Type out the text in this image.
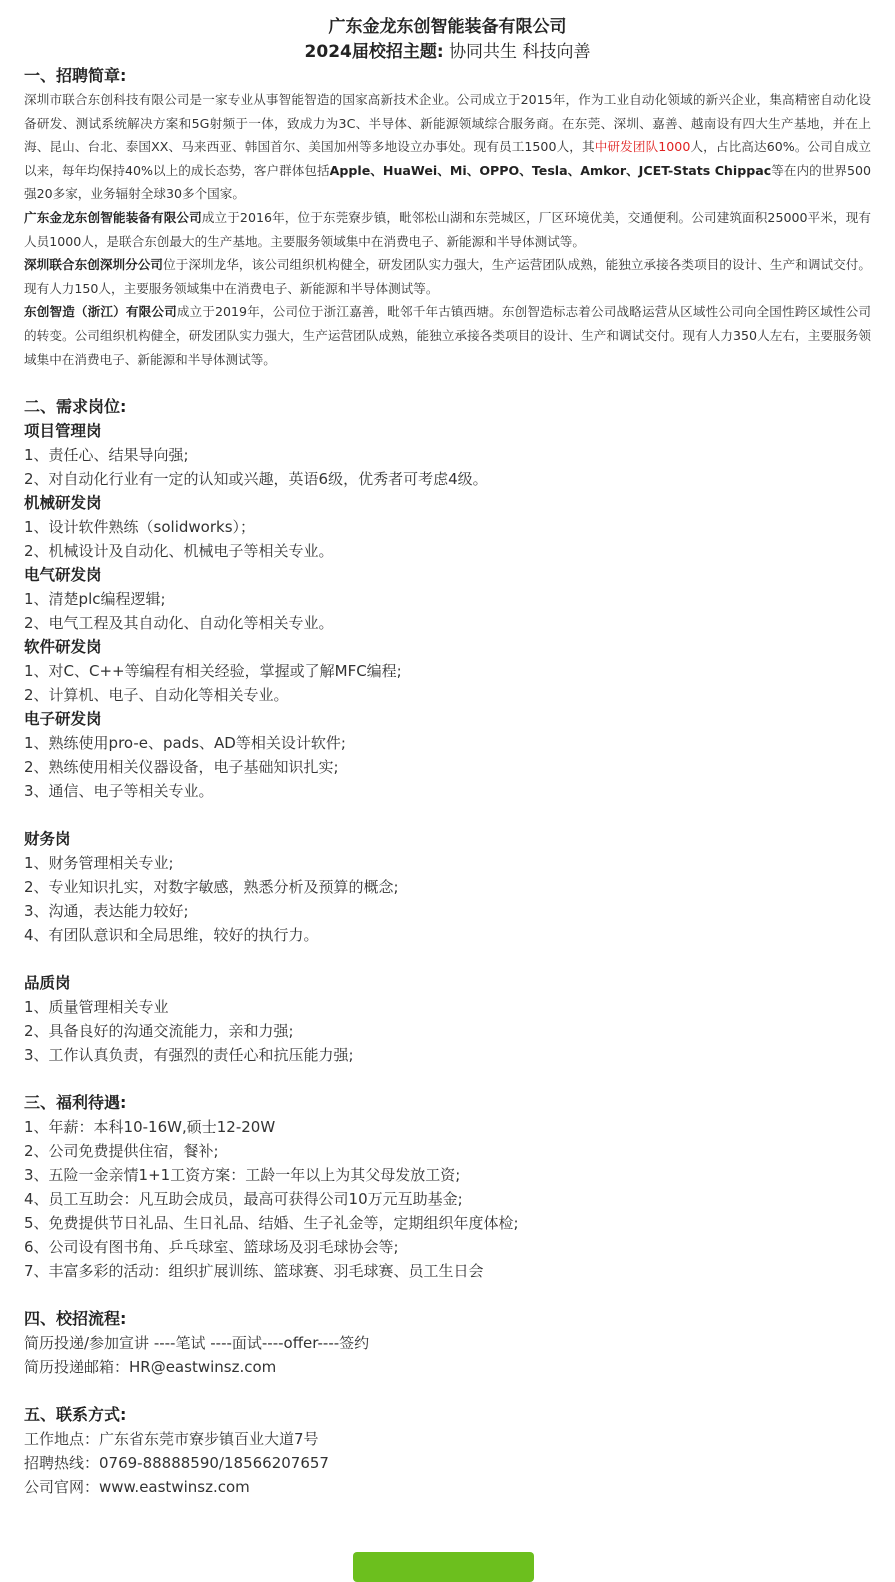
广东金龙东创智能装备有限公司
2024届校招主题: 协同共生 科技向善
一、招聘简章:
深圳市联合东创科技有限公司是一家专业从事智能智造的国家高新技术企业。公司成立于2015年，作为工业自动化领域的新兴企业，集高精密自动化设备研发、测试系统解决方案和5G射频于一体，致成力为3C、半导体、新能源领域综合服务商。在东莞、深圳、嘉善、越南设有四大生产基地，并在上海、昆山、台北、泰国XX、马来西亚、韩国首尔、美国加州等多地设立办事处。现有员工1500人，其中研发团队1000人，占比高达60%。公司自成立以来，每年均保持40%以上的成长态势，客户群体包括Apple、HuaWei、Mi、OPPO、Tesla、Amkor、JCET-Stats Chippac等在内的世界500强20多家，业务辐射全球30多个国家。
广东金龙东创智能装备有限公司成立于2016年，位于东莞寮步镇，毗邻松山湖和东莞城区，厂区环境优美，交通便利。公司建筑面积25000平米，现有人员1000人，是联合东创最大的生产基地。主要服务领域集中在消费电子、新能源和半导体测试等。
深圳联合东创深圳分公司位于深圳龙华，该公司组织机构健全，研发团队实力强大，生产运营团队成熟，能独立承接各类项目的设计、生产和调试交付。现有人力150人，主要服务领域集中在消费电子、新能源和半导体测试等。
东创智造（浙江）有限公司成立于2019年，公司位于浙江嘉善，毗邻千年古镇西塘。东创智造标志着公司战略运营从区域性公司向全国性跨区域性公司的转变。公司组织机构健全，研发团队实力强大，生产运营团队成熟，能独立承接各类项目的设计、生产和调试交付。现有人力350人左右，主要服务领域集中在消费电子、新能源和半导体测试等。
二、需求岗位:
项目管理岗
1、责任心、结果导向强;
2、对自动化行业有一定的认知或兴趣，英语6级，优秀者可考虑4级。
机械研发岗
1、设计软件熟练（solidworks）；
2、机械设计及自动化、机械电子等相关专业。
电气研发岗
1、清楚plc编程逻辑;
2、电气工程及其自动化、自动化等相关专业。
软件研发岗
1、对C、C++等编程有相关经验，掌握或了解MFC编程;
2、计算机、电子、自动化等相关专业。
电子研发岗
1、熟练使用pro-e、pads、AD等相关设计软件;
2、熟练使用相关仪器设备，电子基础知识扎实;
3、通信、电子等相关专业。
财务岗
1、财务管理相关专业;
2、专业知识扎实，对数字敏感，熟悉分析及预算的概念;
3、沟通，表达能力较好;
4、有团队意识和全局思维，较好的执行力。
品质岗
1、质量管理相关专业
2、具备良好的沟通交流能力，亲和力强;
3、工作认真负责，有强烈的责任心和抗压能力强;
三、福利待遇:
1、年薪：本科10-16W,硕士12-20W
2、公司免费提供住宿，餐补;
3、五险一金亲情1+1工资方案：工龄一年以上为其父母发放工资;
4、员工互助会：凡互助会成员，最高可获得公司10万元互助基金;
5、免费提供节日礼品、生日礼品、结婚、生子礼金等，定期组织年度体检;
6、公司设有图书角、乒乓球室、篮球场及羽毛球协会等;
7、丰富多彩的活动：组织扩展训练、篮球赛、羽毛球赛、员工生日会
四、校招流程:
简历投递/参加宣讲 ----笔试 ----面试----offer----签约
简历投递邮箱：HR@eastwinsz.com
五、联系方式:
工作地点：广东省东莞市寮步镇百业大道7号
招聘热线：0769-88888590/18566207657
公司官网：www.eastwinsz.com
